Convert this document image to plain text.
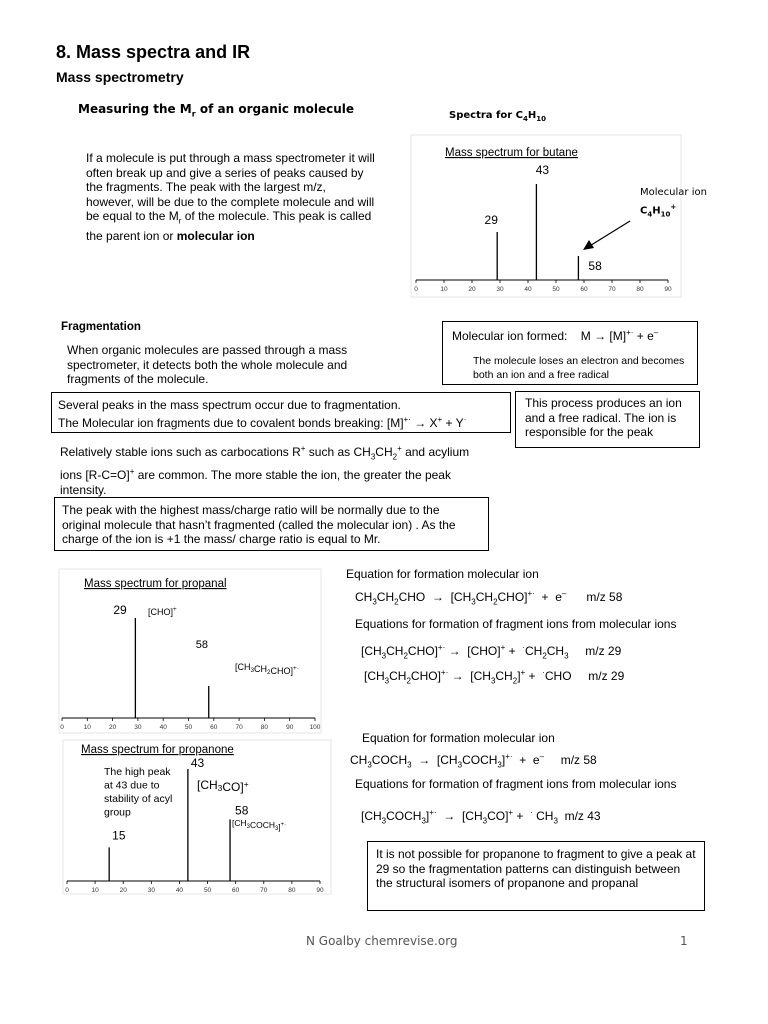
8. Mass spectra and IR
Mass spectrometry
Measuring the $M_r$ of an organic molecule
If a molecule is put through a mass spectrometer it will often break up and give a series of peaks caused by the fragments. The peak with the largest m/z, however, will be due to the complete molecule and will be equal to the $M_r$ of the molecule. This peak is called the parent ion or molecular ion
Spectra for $C_4H_{10}$
Mass spectrum for butane
0	10	20	30	40	50	60	70	80	90
29
43
58
Molecular ion
$C_4H_{10}^+$
Fragmentation
When organic molecules are passed through a mass spectrometer, it detects both the whole molecule and fragments of the molecule.
Molecular ion formed: M → [M]+· + e–
The molecule loses an electron and becomes both an ion and a free radical
Several peaks in the mass spectrum occur due to fragmentation.
The Molecular ion fragments due to covalent bonds breaking: [M]+· → X+ + Y·
This process produces an ion and a free radical. The ion is responsible for the peak
Relatively stable ions such as carbocations R+ such as $CH_3CH_2^+$ and acylium ions [R-C=O]+ are common. The more stable the ion, the greater the peak intensity.
The peak with the highest mass/charge ratio will be normally due to the original molecule that hasn’t fragmented (called the molecular ion) . As the charge of the ion is +1 the mass/ charge ratio is equal to Mr.
Mass spectrum for propanal
0	10	20	30	40	50	60	70	80	90	100
29
58
[CHO]+
$[CH_3CH_2CHO]^{+\cdot}$
Equation for formation molecular ion
$CH_3CH_2CHO \to [CH_3CH_2CHO]^{+\cdot} + e^-$ m/z 58
Equations for formation of fragment ions from molecular ions
$[CH_3CH_2CHO]^{+\cdot} \to [CHO]^+ + ^\cdot CH_2CH_3$ m/z 29
$[CH_3CH_2CHO]^{+\cdot} \to [CH_3CH_2]^+ + ^\cdot CHO$     m/z 29
Mass spectrum for propanone
0	10	20	30	40	50	60	70	80	90
15
43
58
The high peak at 43 due to stability of acyl group
[CH3CO]+
$[CH_3COCH_3]^{+\cdot}$
Equation for formation molecular ion
$CH_3COCH_3$  →  $[CH_3COCH_3]^{+\cdot} + e^-$ m/z 58
Equations for formation of fragment ions from molecular ions
$[CH_3COCH_3]^{+\cdot} \to [CH_3CO]^+ + ^\cdot$ $CH_3$ m/z 43
It is not possible for propanone to fragment to give a peak at 29 so the fragmentation patterns can distinguish between the structural isomers of propanone and propanal
N Goalby chemrevise.org	1
